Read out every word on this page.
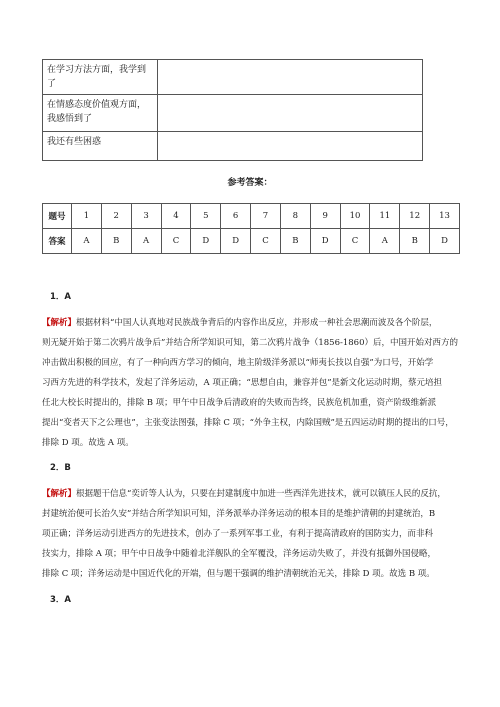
在学习方法方面，我学到了	
在情感态度价值观方面，我感悟到了	
我还有些困惑	
参考答案：
题号	1	2	3	4	5	6	7	8	9	10	11	12	13
答案	A	B	A	C	D	D	C	B	D	C	A	B	D
1．A
【解析】根据材料“中国人认真地对民族战争背后的内容作出反应，并形成一种社会思潮而波及各个阶层，
则无疑开始于第二次鸦片战争后”并结合所学知识可知，第二次鸦片战争（1856-1860）后，中国开始对西方的
冲击做出积极的回应，有了一种向西方学习的倾向，地主阶级洋务派以“师夷长技以自强”为口号，开始学
习西方先进的科学技术，发起了洋务运动，A 项正确；“思想自由，兼容并包”是新文化运动时期，蔡元培担
任北大校长时提出的，排除 B 项；甲午中日战争后清政府的失败而告终，民族危机加重，资产阶级维新派
提出“变者天下之公理也”，主张变法图强，排除 C 项；“外争主权，内除国贼”是五四运动时期的提出的口号，
排除 D 项。故选 A 项。
2．B
【解析】根据题干信息“奕䜣等人认为，只要在封建制度中加进一些西洋先进技术，就可以镇压人民的反抗，
封建统治便可长治久安”并结合所学知识可知，洋务派举办洋务运动的根本目的是维护清朝的封建统治，B
项正确；洋务运动引进西方的先进技术，创办了一系列军事工业，有利于提高清政府的国防实力，而非科
技实力，排除 A 项；甲午中日战争中随着北洋舰队的全军覆没，洋务运动失败了，并没有抵御外国侵略，
排除 C 项；洋务运动是中国近代化的开端，但与题干强调的维护清朝统治无关，排除 D 项。故选 B 项。
3．A
